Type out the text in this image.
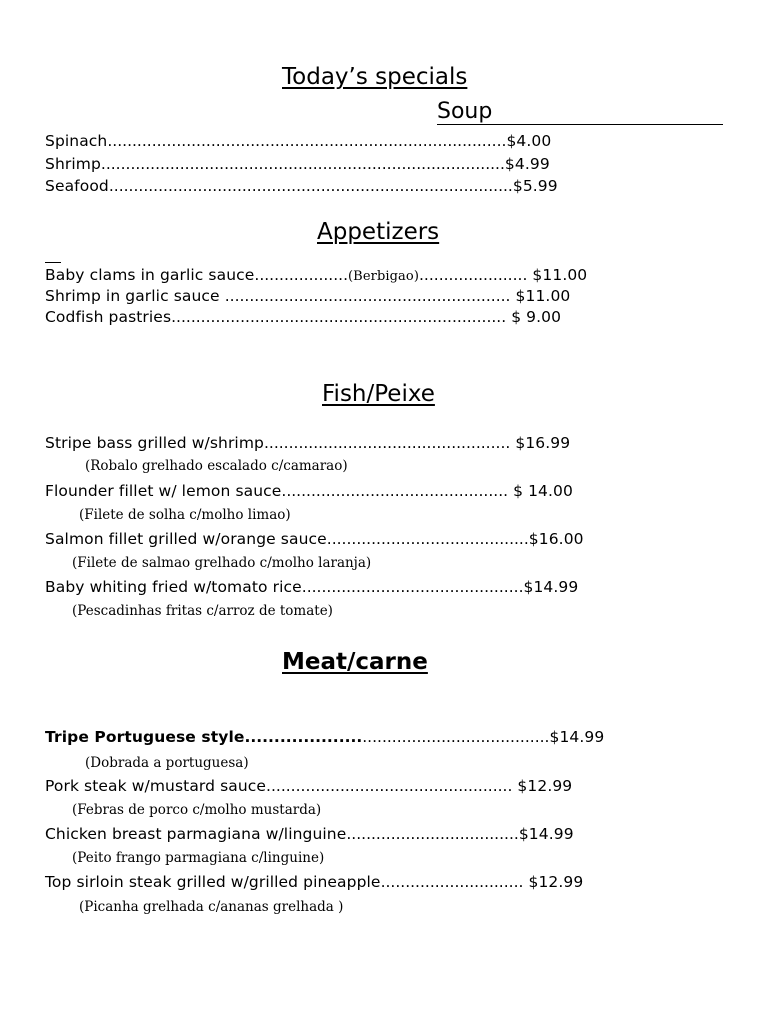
Today’s specials
Soup
Spinach.................................................................................$4.00
Shrimp..................................................................................$4.99
Seafood..................................................................................$5.99
Appetizers
Baby clams in garlic sauce...................(Berbigao)...................... $11.00
Shrimp in garlic sauce .......................................................... $11.00
Codfish pastries.................................................................... $ 9.00
Fish/Peixe
Stripe bass grilled w/shrimp.................................................. $16.99
(Robalo grelhado escalado c/camarao)
Flounder fillet w/ lemon sauce.............................................. $ 14.00
(Filete de solha c/molho limao)
Salmon fillet grilled w/orange sauce.........................................$16.00
(Filete de salmao grelhado c/molho laranja)
Baby whiting fried w/tomato rice.............................................$14.99
(Pescadinhas fritas c/arroz de tomate)
Meat/carne
Tripe Portuguese style..........................................................$14.99
(Dobrada a portuguesa)
Pork steak w/mustard sauce.................................................. $12.99
(Febras de porco c/molho mustarda)
Chicken breast parmagiana w/linguine...................................$14.99
(Peito frango parmagiana c/linguine)
Top sirloin steak grilled w/grilled pineapple............................. $12.99
(Picanha grelhada c/ananas grelhada )
